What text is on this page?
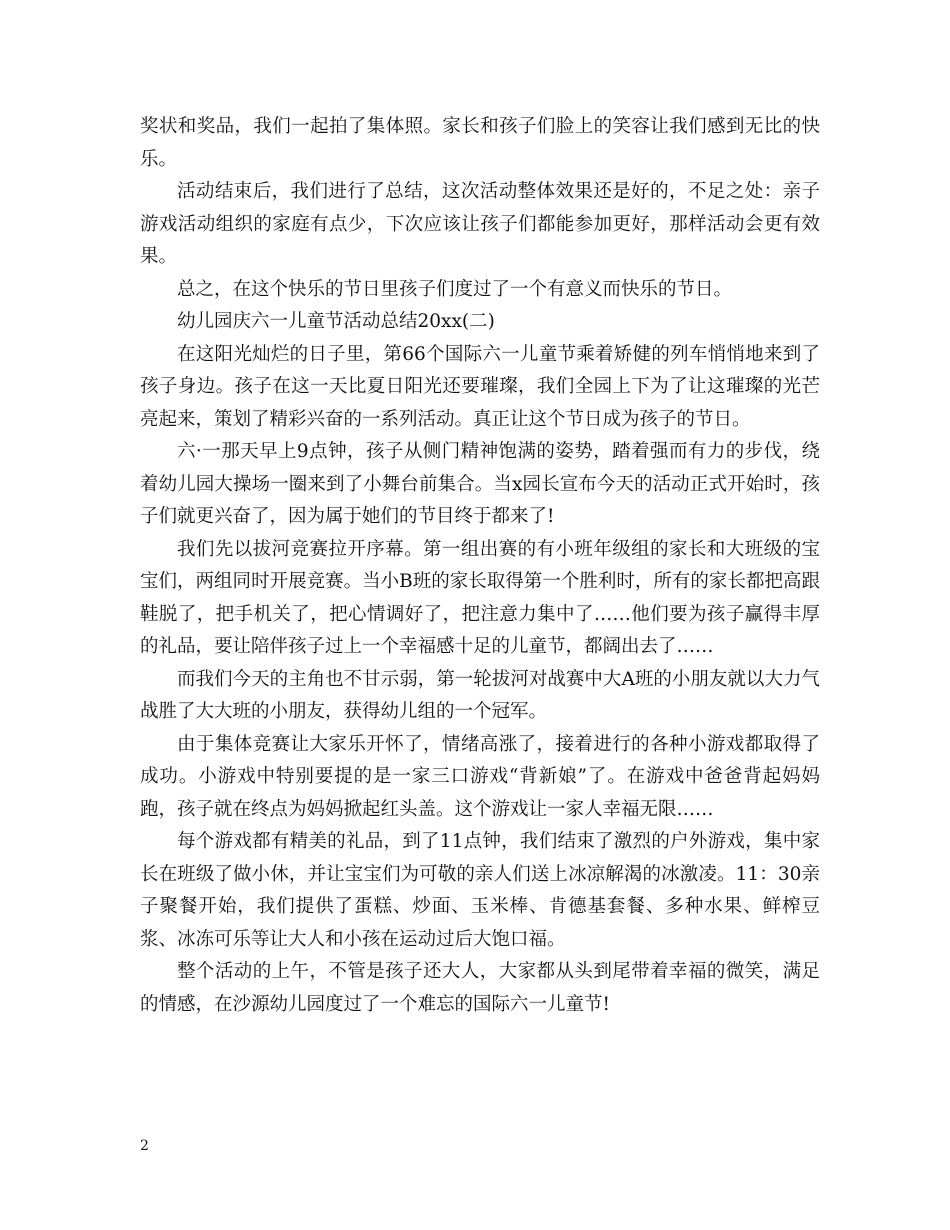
奖状和奖品，我们一起拍了集体照。家长和孩子们脸上的笑容让我们感到无比的快乐。

活动结束后，我们进行了总结，这次活动整体效果还是好的，不足之处：亲子游戏活动组织的家庭有点少，下次应该让孩子们都能参加更好，那样活动会更有效果。

总之，在这个快乐的节日里孩子们度过了一个有意义而快乐的节日。

幼儿园庆六一儿童节活动总结20xx(二)

在这阳光灿烂的日子里，第66个国际六一儿童节乘着矫健的列车悄悄地来到了孩子身边。孩子在这一天比夏日阳光还要璀璨，我们全园上下为了让这璀璨的光芒亮起来，策划了精彩兴奋的一系列活动。真正让这个节日成为孩子的节日。

六·一那天早上9点钟，孩子从侧门精神饱满的姿势，踏着强而有力的步伐，绕着幼儿园大操场一圈来到了小舞台前集合。当x园长宣布今天的活动正式开始时，孩子们就更兴奋了，因为属于她们的节目终于都来了!

我们先以拔河竞赛拉开序幕。第一组出赛的有小班年级组的家长和大班级的宝宝们，两组同时开展竞赛。当小B班的家长取得第一个胜利时，所有的家长都把高跟鞋脱了，把手机关了，把心情调好了，把注意力集中了……他们要为孩子赢得丰厚的礼品，要让陪伴孩子过上一个幸福感十足的儿童节，都阔出去了……

而我们今天的主角也不甘示弱，第一轮拔河对战赛中大A班的小朋友就以大力气战胜了大大班的小朋友，获得幼儿组的一个冠军。

由于集体竞赛让大家乐开怀了，情绪高涨了，接着进行的各种小游戏都取得了成功。小游戏中特别要提的是一家三口游戏“背新娘”了。在游戏中爸爸背起妈妈跑，孩子就在终点为妈妈掀起红头盖。这个游戏让一家人幸福无限……

每个游戏都有精美的礼品，到了11点钟，我们结束了激烈的户外游戏，集中家长在班级了做小休，并让宝宝们为可敬的亲人们送上冰凉解渴的冰激凌。11：30亲子聚餐开始，我们提供了蛋糕、炒面、玉米棒、肯德基套餐、多种水果、鲜榨豆浆、冰冻可乐等让大人和小孩在运动过后大饱口福。

整个活动的上午，不管是孩子还大人，大家都从头到尾带着幸福的微笑，满足的情感，在沙源幼儿园度过了一个难忘的国际六一儿童节!

2
